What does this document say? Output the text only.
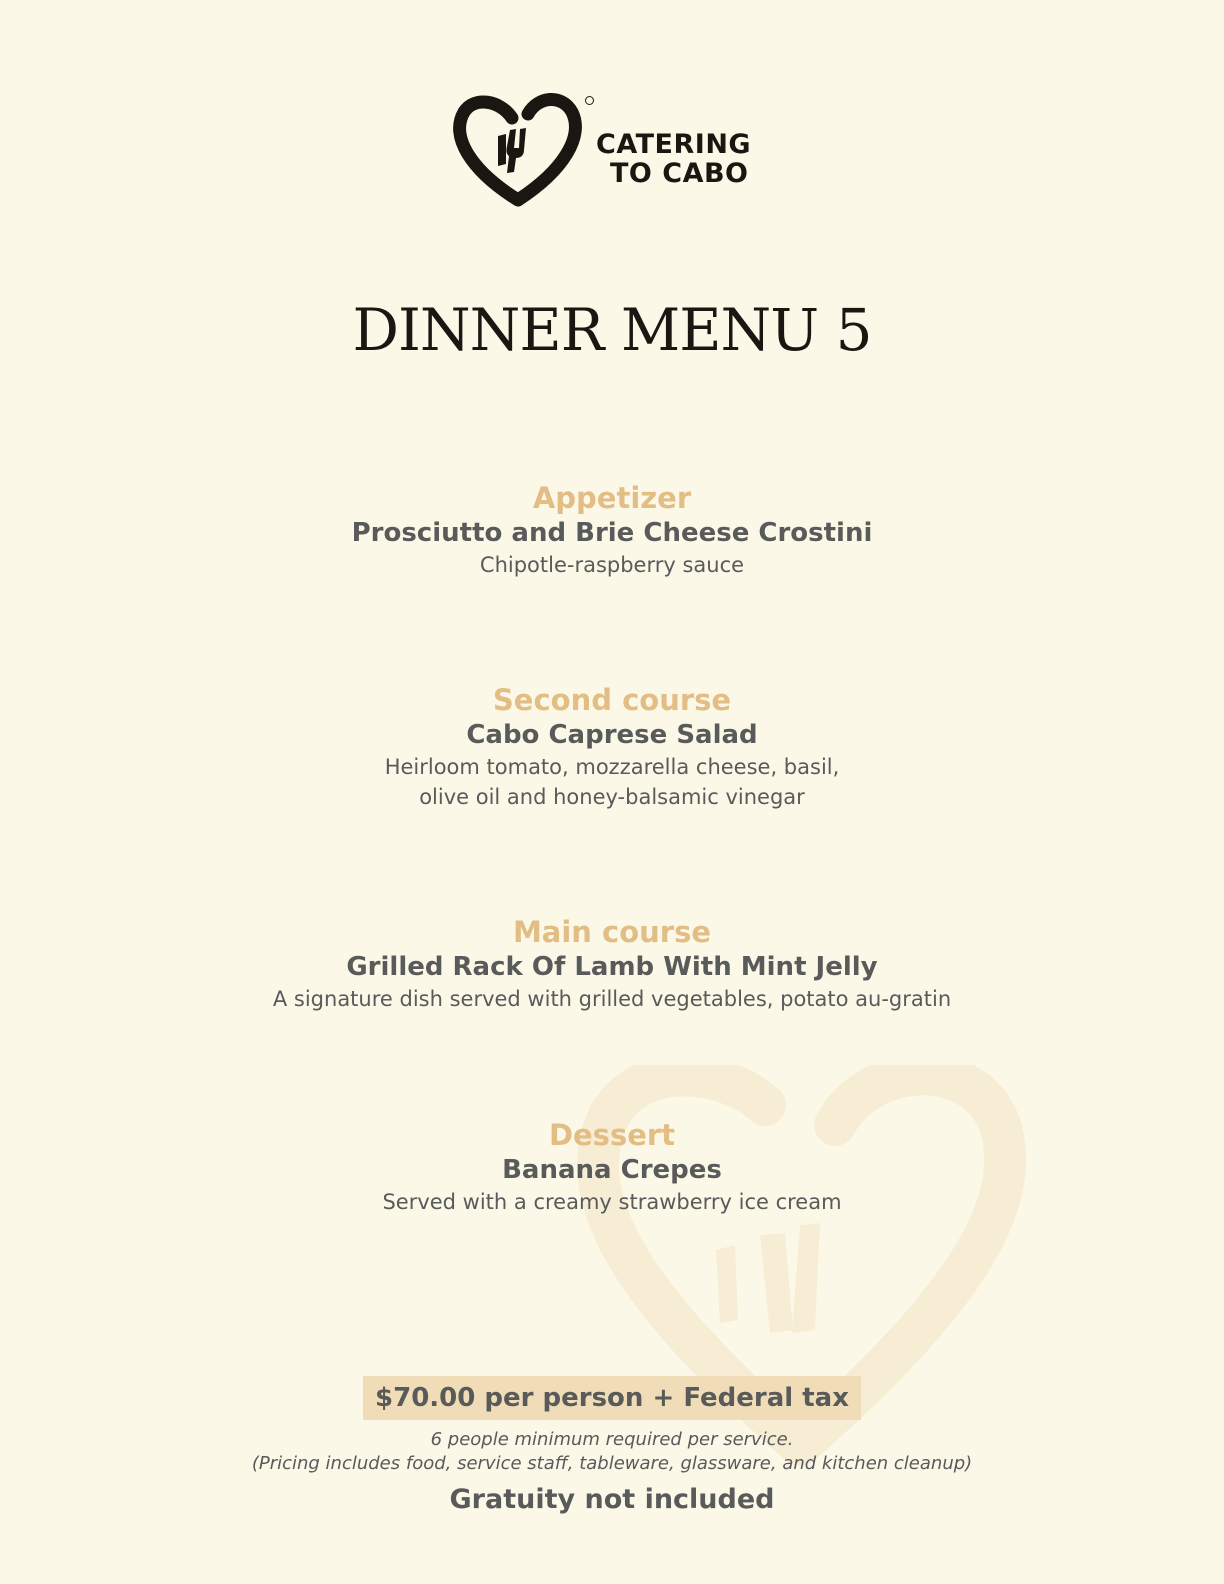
CATERING
TO CABO
DINNER MENU 5
Appetizer
Prosciutto and Brie Cheese Crostini
Chipotle-raspberry sauce
Second course
Cabo Caprese Salad
Heirloom tomato, mozzarella cheese, basil,
olive oil and honey-balsamic vinegar
Main course
Grilled Rack Of Lamb With Mint Jelly
A signature dish served with grilled vegetables, potato au-gratin
Dessert
Banana Crepes
Served with a creamy strawberry ice cream
$70.00 per person + Federal tax
6 people minimum required per service.
(Pricing includes food, service staff, tableware, glassware, and kitchen cleanup)
Gratuity not included
